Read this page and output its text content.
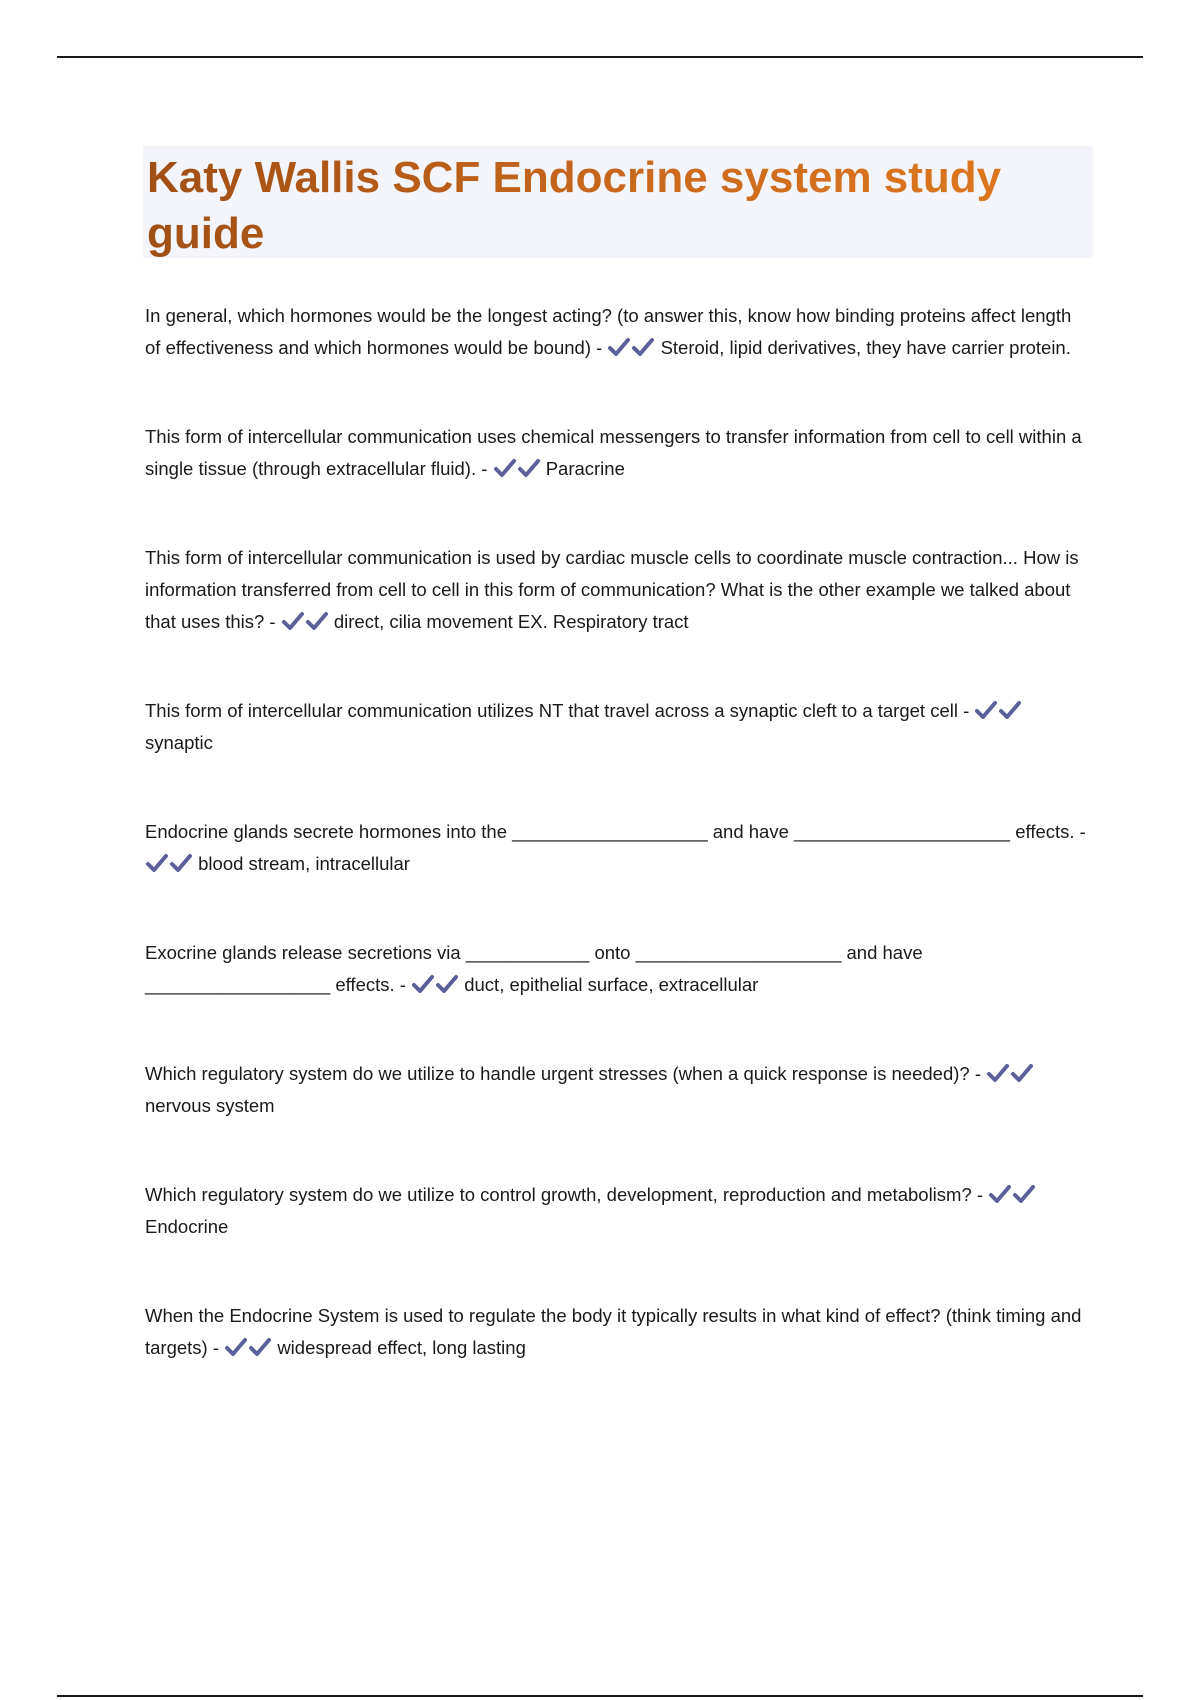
Katy Wallis SCF Endocrine system study guide

In general, which hormones would be the longest acting? (to answer this, know how binding proteins affect length of effectiveness and which hormones would be bound) -	Steroid, lipid derivatives, they have carrier protein.

This form of intercellular communication uses chemical messengers to transfer information from cell to cell within a single tissue (through extracellular fluid). -	Paracrine

This form of intercellular communication is used by cardiac muscle cells to coordinate muscle contraction... How is information transferred from cell to cell in this form of communication? What is the other example we talked about that uses this? -	direct, cilia movement EX. Respiratory tract

This form of intercellular communication utilizes NT that travel across a synaptic cleft to a target cell -
synaptic

Endocrine glands secrete hormones into the ___________________ and have _____________________ effects. -
blood stream, intracellular

Exocrine glands release secretions via ____________ onto ____________________ and have __________________ effects. -	duct, epithelial surface, extracellular

Which regulatory system do we utilize to handle urgent stresses (when a quick response is needed)? -
nervous system

Which regulatory system do we utilize to control growth, development, reproduction and metabolism? -
Endocrine

When the Endocrine System is used to regulate the body it typically results in what kind of effect? (think timing and targets) -	widespread effect, long lasting
